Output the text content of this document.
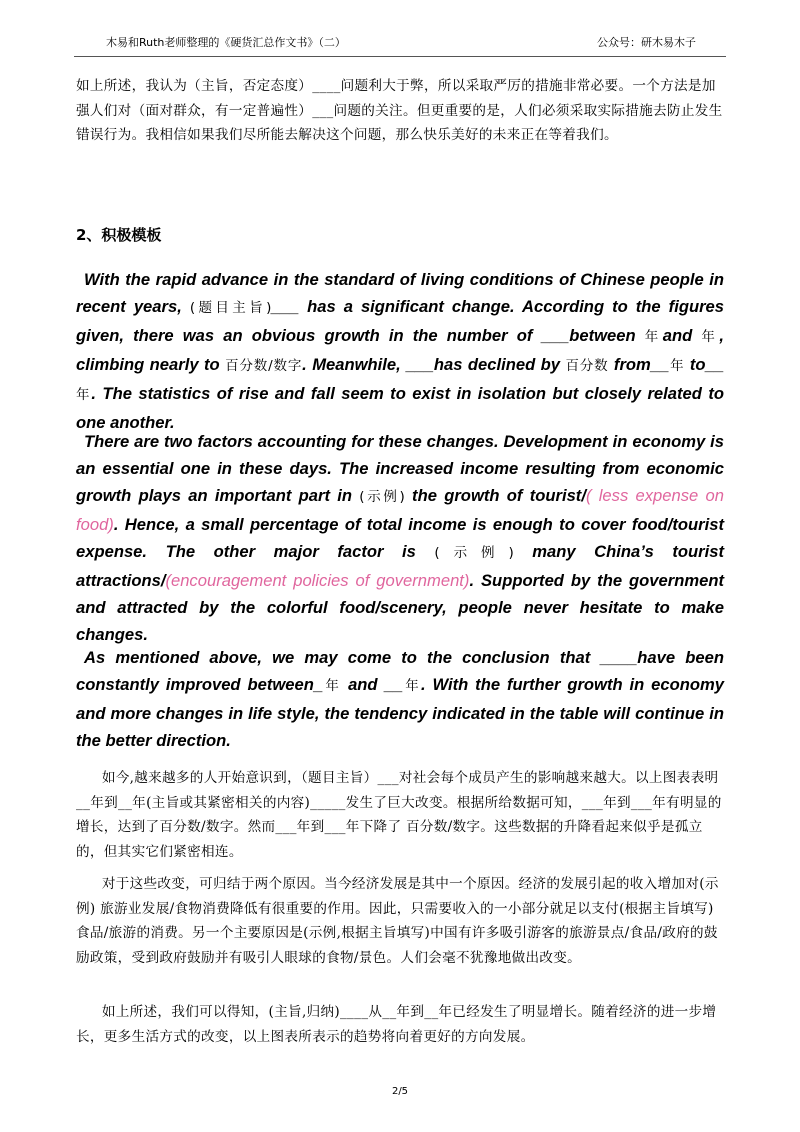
木易和Ruth老师整理的《硬货汇总作文书》（二）	公众号：研木易木子

如上所述，我认为（主旨，否定态度）____问题利大于弊，所以采取严厉的措施非常必要。一个方法是加强人们对（面对群众，有一定普遍性）___问题的关注。但更重要的是，人们必须采取实际措施去防止发生错误行为。我相信如果我们尽所能去解决这个问题，那么快乐美好的未来正在等着我们。

2、积极模板

With the rapid advance in the standard of living conditions of Chinese people in recent years, (题目主旨)___ has a significant change. According to the figures given, there was an obvious growth in the number of ___between 年and 年, climbing nearly to 百分数/数字. Meanwhile, ___has declined by 百分数 from__年 to__年. The statistics of rise and fall seem to exist in isolation but closely related to one another.

There are two factors accounting for these changes. Development in economy is an essential one in these days. The increased income resulting from economic growth plays an important part in (示例) the growth of tourist/( less expense on food). Hence, a small percentage of total income is enough to cover food/tourist expense. The other major factor is (示例) many China’s tourist attractions/(encouragement policies of government). Supported by the government and attracted by the colorful food/scenery, people never hesitate to make changes.

As mentioned above, we may come to the conclusion that ____have been constantly improved between_年 and __年. With the further growth in economy and more changes in life style, the tendency indicated in the table will continue in the better direction.

如今,越来越多的人开始意识到，（题目主旨）___对社会每个成员产生的影响越来越大。以上图表表明__年到__年(主旨或其紧密相关的内容)_____发生了巨大改变。根据所给数据可知，___年到___年有明显的增长，达到了百分数/数字。然而___年到___年下降了 百分数/数字。这些数据的升降看起来似乎是孤立的，但其实它们紧密相连。

对于这些改变，可归结于两个原因。当今经济发展是其中一个原因。经济的发展引起的收入增加对(示例) 旅游业发展/食物消费降低有很重要的作用。因此，只需要收入的一小部分就足以支付(根据主旨填写) 食品/旅游的消费。另一个主要原因是(示例,根据主旨填写)中国有许多吸引游客的旅游景点/食品/政府的鼓励政策，受到政府鼓励并有吸引人眼球的食物/景色。人们会毫不犹豫地做出改变。

如上所述，我们可以得知，(主旨,归纳)____从__年到__年已经发生了明显增长。随着经济的进一步增长，更多生活方式的改变，以上图表所表示的趋势将向着更好的方向发展。

2/5
